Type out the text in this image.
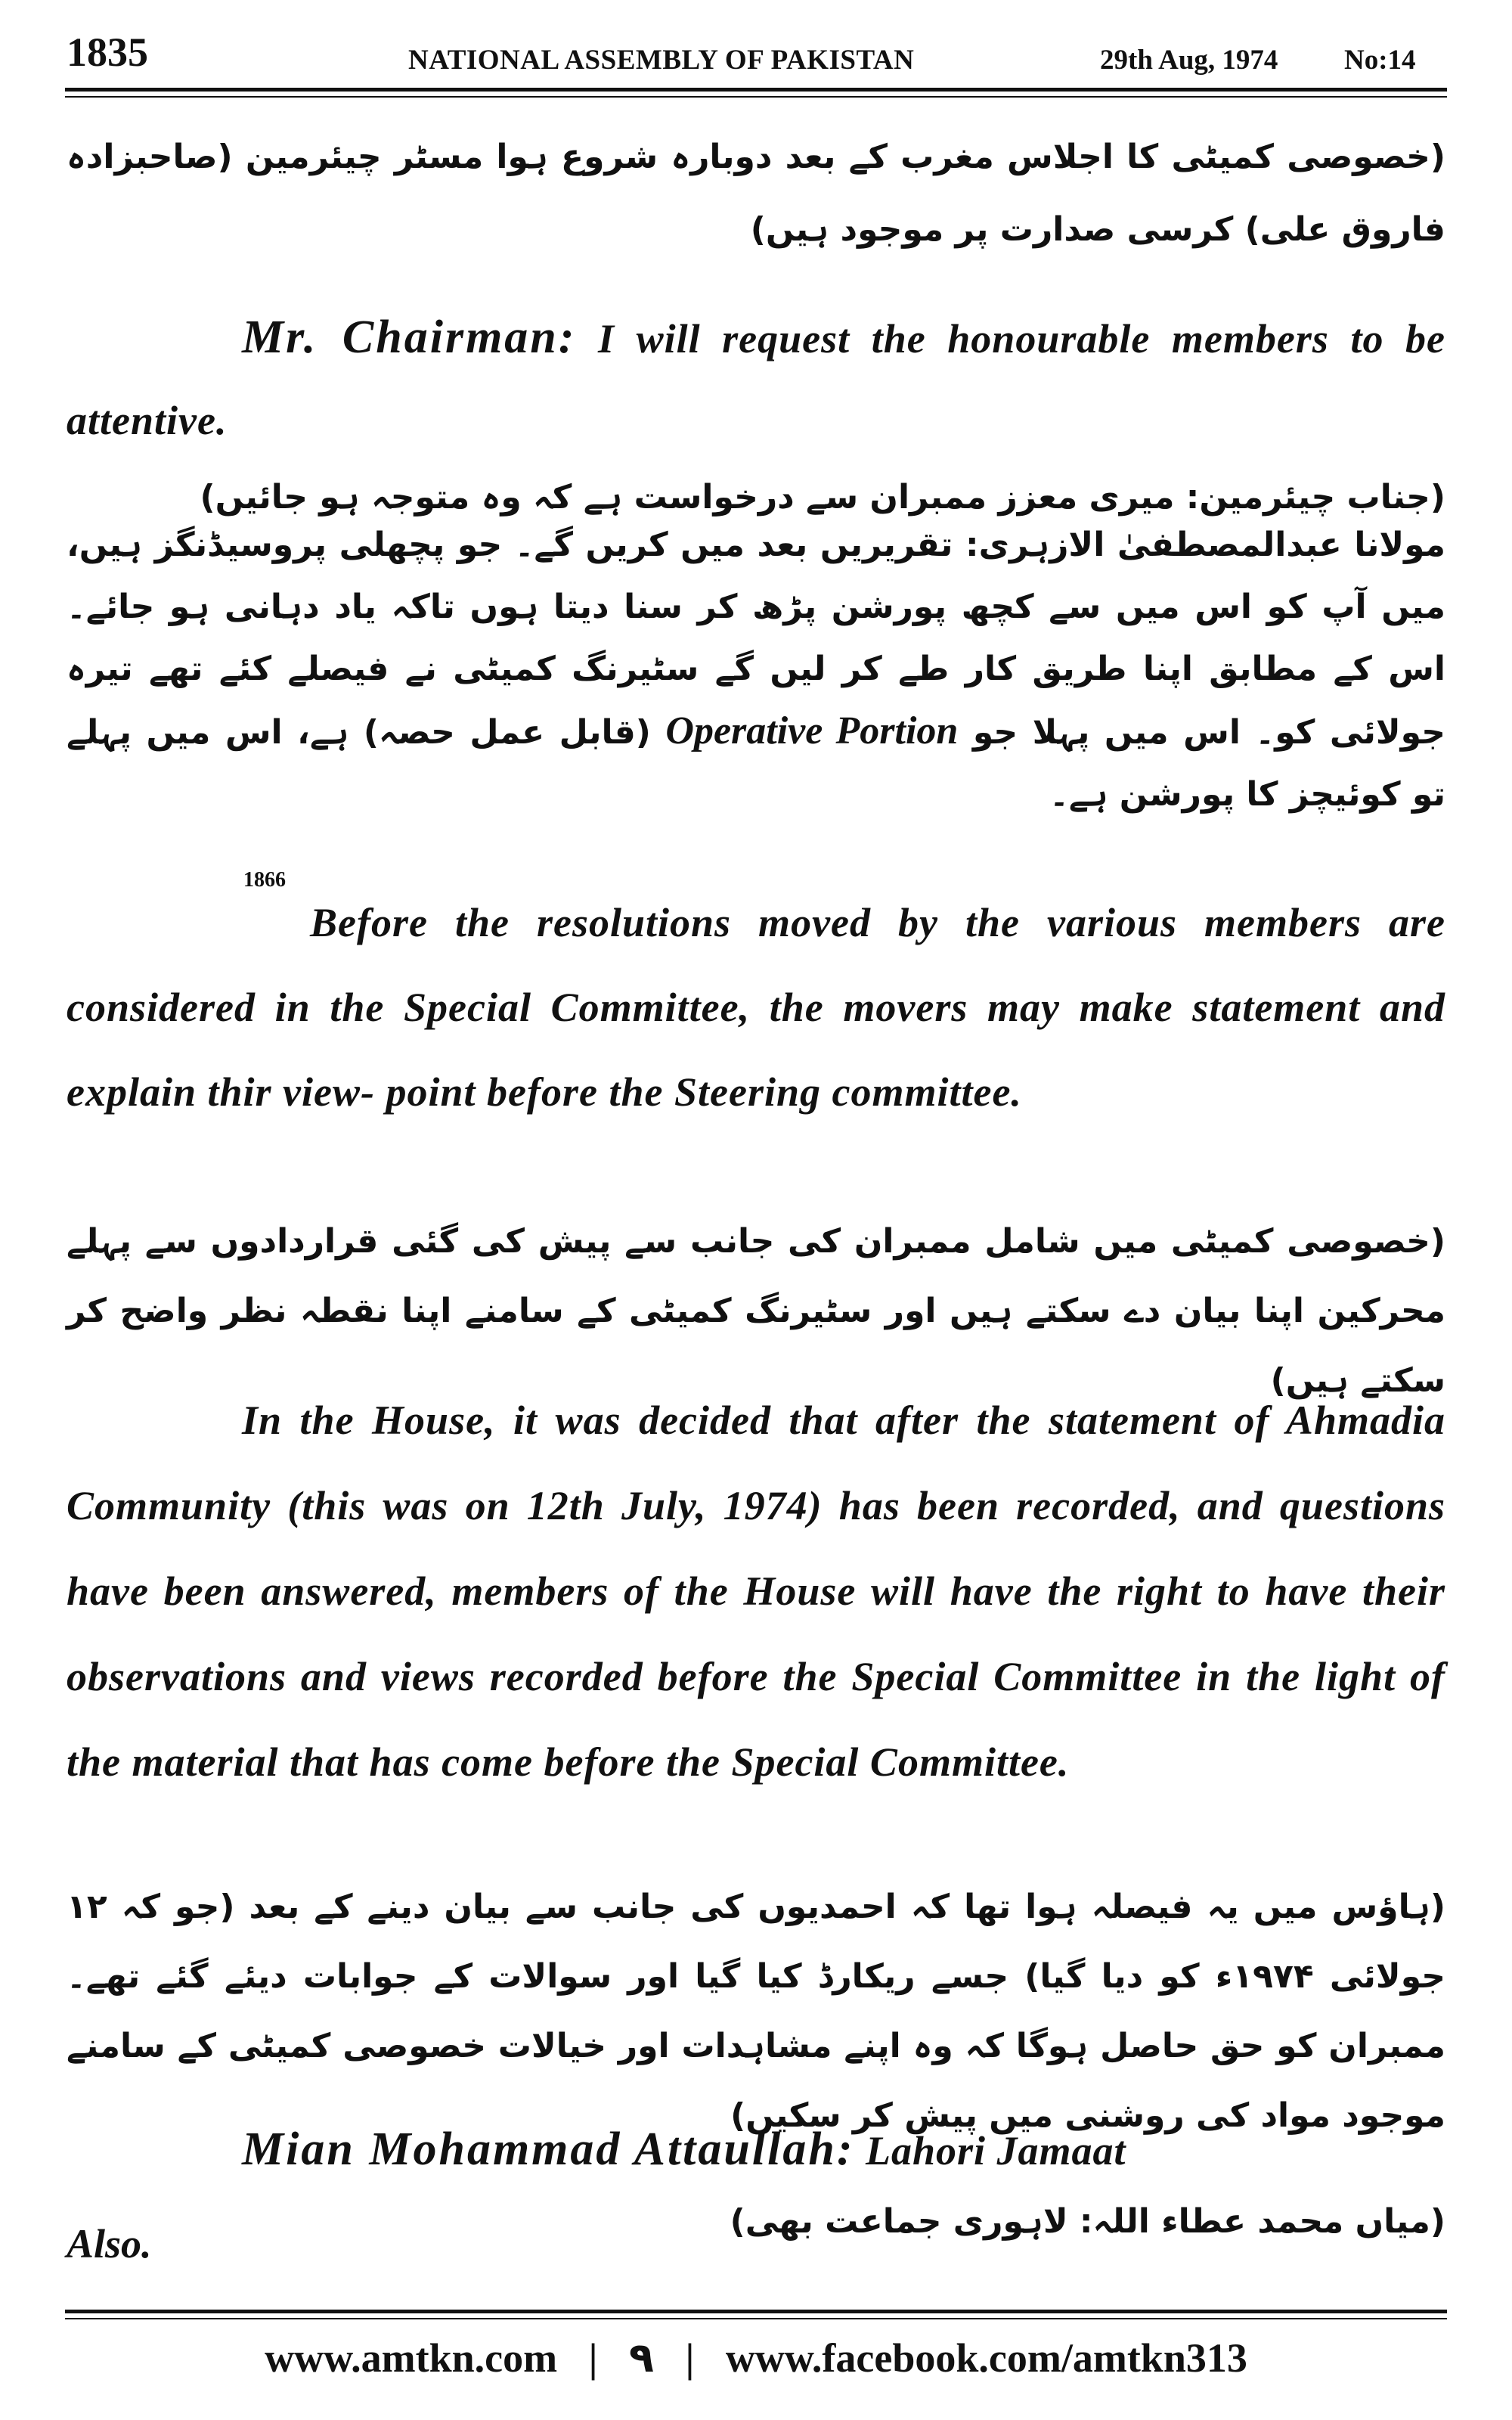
1835	NATIONAL ASSEMBLY OF PAKISTAN	29th Aug, 1974 No:14
(خصوصی کمیٹی کا اجلاس مغرب کے بعد دوبارہ شروع ہوا مسٹر چیئرمین (صاحبزادہ فاروق علی) کرسی صدارت پر موجود ہیں)
Mr. Chairman: I will request the honourable members to be attentive.
(جناب چیئرمین: میری معزز ممبران سے درخواست ہے کہ وہ متوجہ ہو جائیں)
مولانا عبدالمصطفیٰ الازہری: تقریریں بعد میں کریں گے۔ جو پچھلی پروسیڈنگز ہیں، میں آپ کو اس میں سے کچھ پورشن پڑھ کر سنا دیتا ہوں تاکہ یاد دہانی ہو جائے۔ اس کے مطابق اپنا طریق کار طے کر لیں گے سٹیرنگ کمیٹی نے فیصلے کئے تھے تیرہ جولائی کو۔ اس میں پہلا جو Operative Portion (قابل عمل حصہ) ہے، اس میں پہلے تو کوئیچز کا پورشن ہے۔
1866
Before the resolutions moved by the various members are considered in the Special Committee, the movers may make statement and explain thir view- point before the Steering committee.
(خصوصی کمیٹی میں شامل ممبران کی جانب سے پیش کی گئی قراردادوں سے پہلے محرکین اپنا بیان دے سکتے ہیں اور سٹیرنگ کمیٹی کے سامنے اپنا نقطہ نظر واضح کر سکتے ہیں)
In the House, it was decided that after the statement of Ahmadia Community (this was on 12th July, 1974) has been recorded, and questions have been answered, members of the House will have the right to have their observations and views recorded before the Special Committee in the light of the material that has come before the Special Committee.
(ہاؤس میں یہ فیصلہ ہوا تھا کہ احمدیوں کی جانب سے بیان دینے کے بعد (جو کہ ۱۲ جولائی ۱۹۷۴ء کو دیا گیا) جسے ریکارڈ کیا گیا اور سوالات کے جوابات دیئے گئے تھے۔ ممبران کو حق حاصل ہوگا کہ وہ اپنے مشاہدات اور خیالات خصوصی کمیٹی کے سامنے موجود مواد کی روشنی میں پیش کر سکیں)
Mian Mohammad Attaullah: Lahori Jamaat
Also.	(میاں محمد عطاء اللہ: لاہوری جماعت بھی)
www.amtkn.com | ۹ | www.facebook.com/amtkn313
